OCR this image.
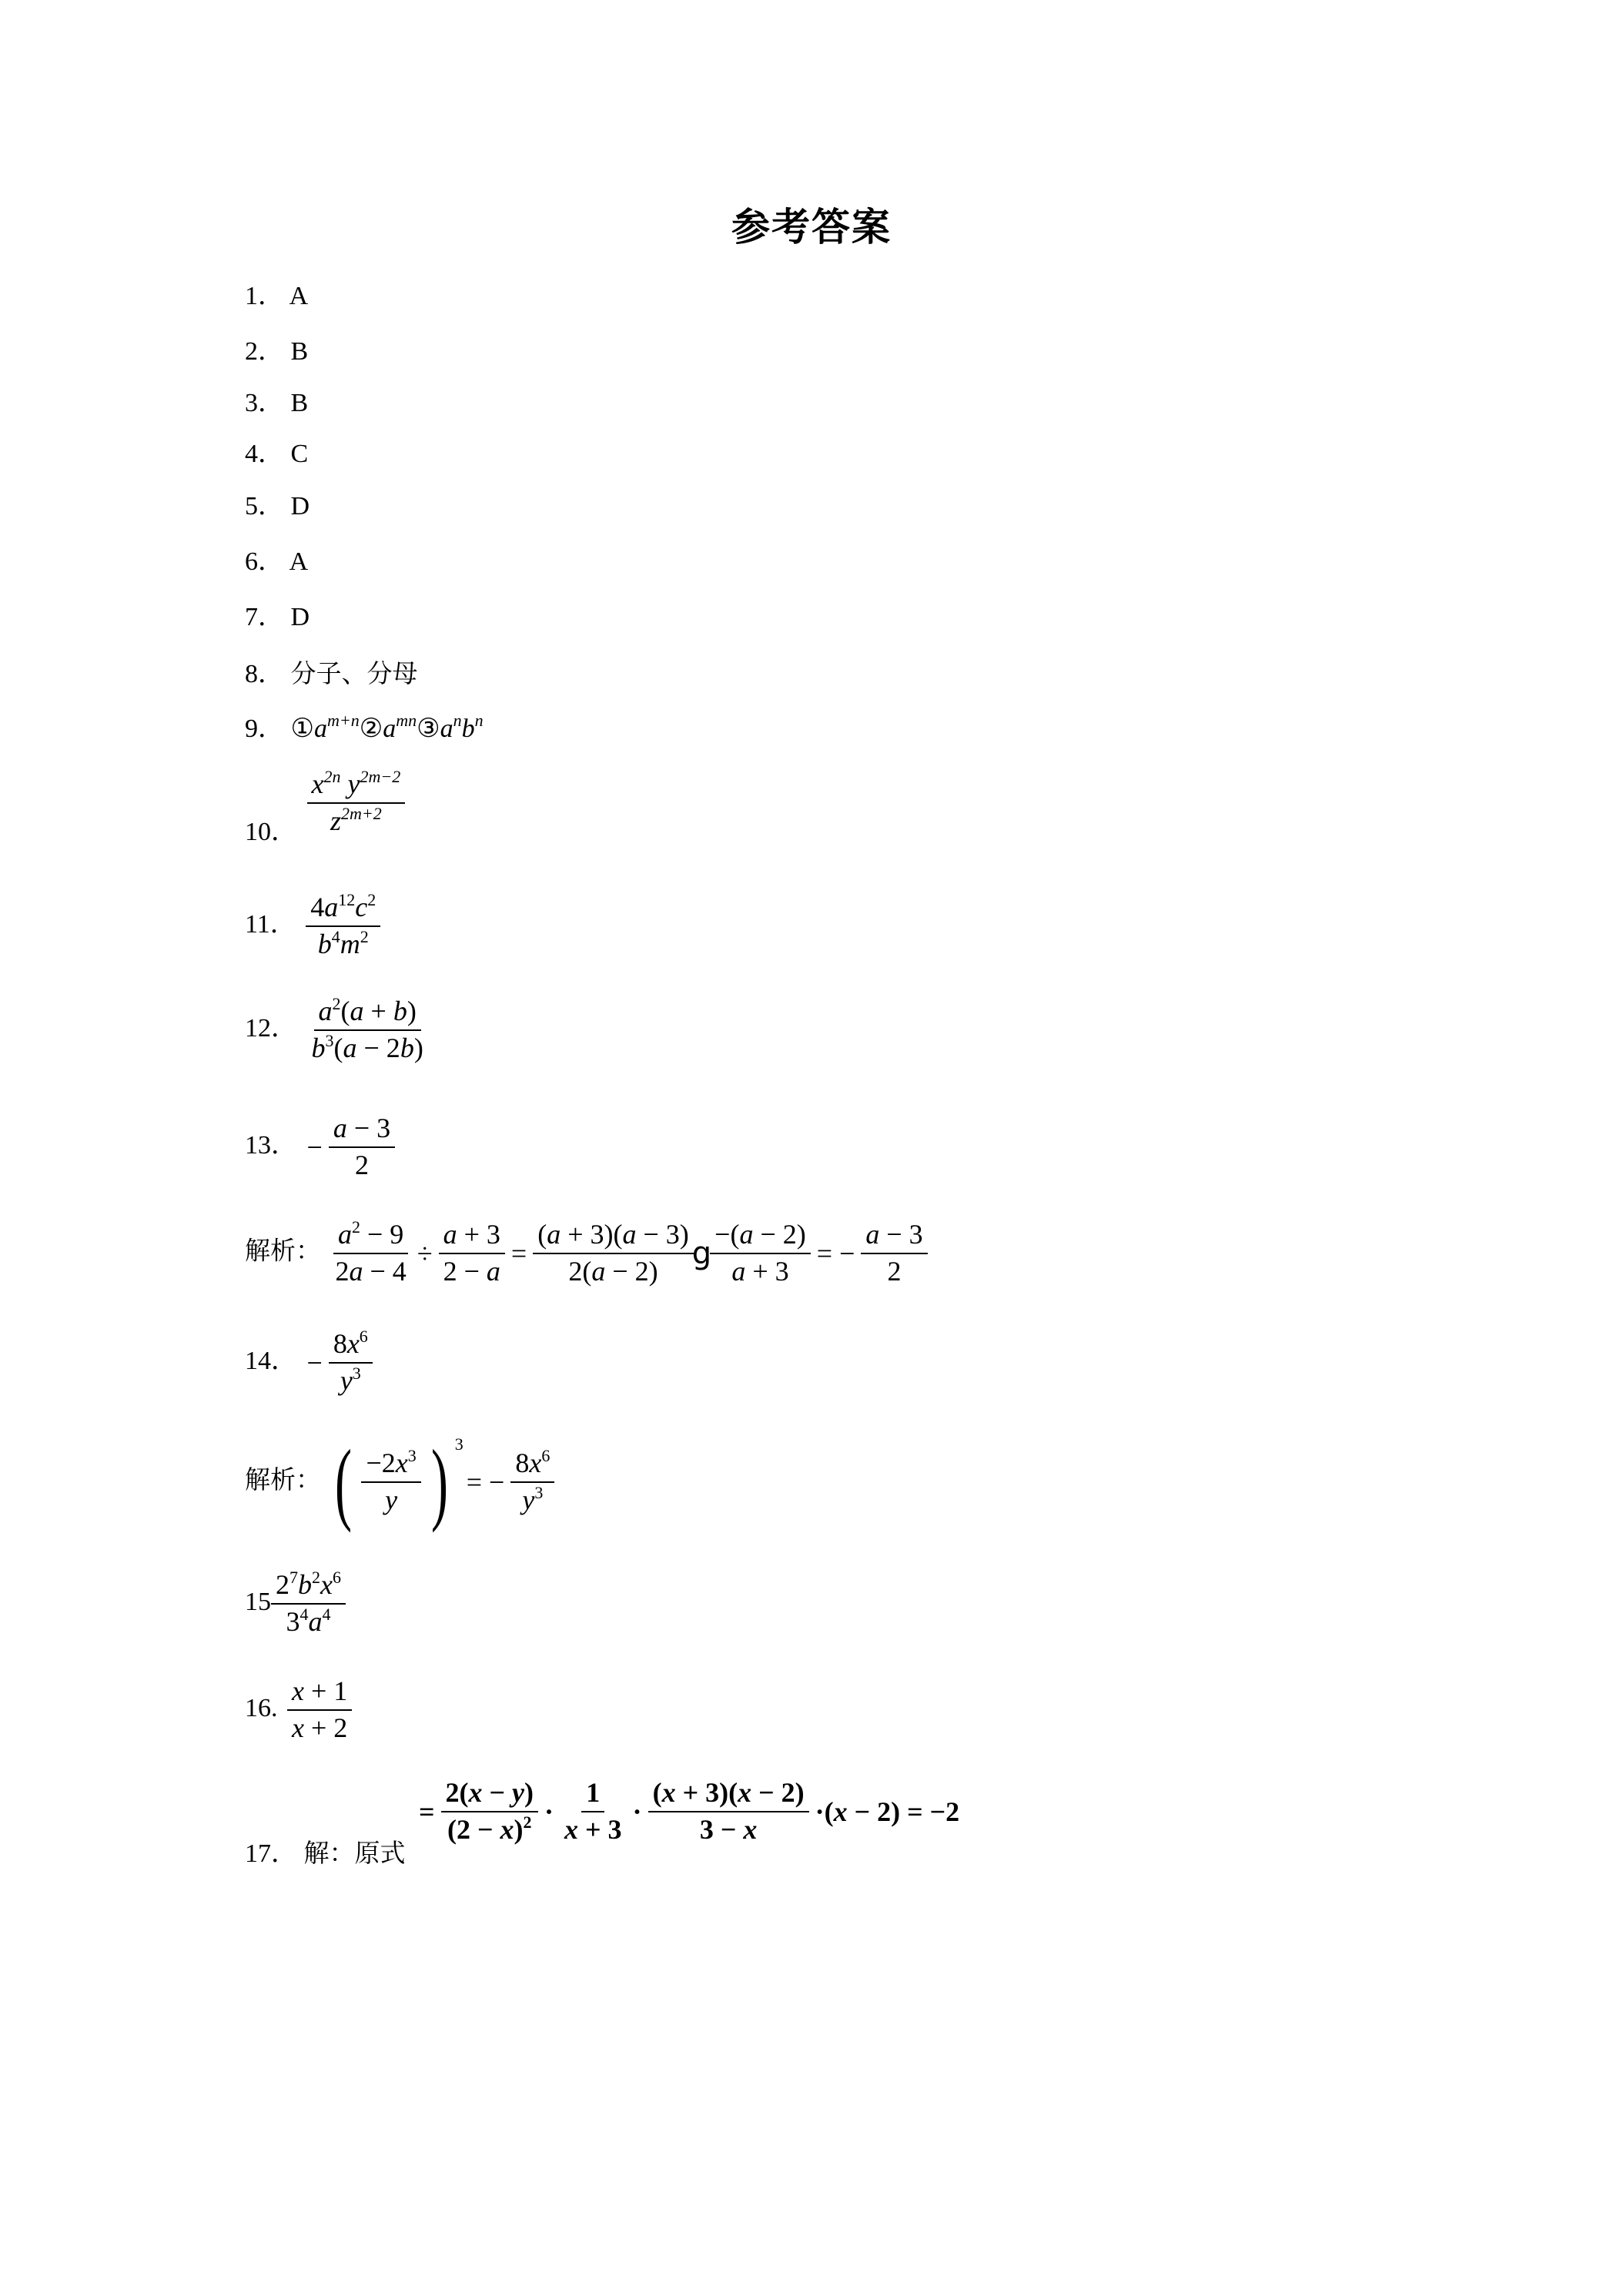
参考答案
1． A
2． B
3． B
4． C
5． D
6． A
7． D
8． 分子、分母
9． $①a^{m+n}②a^{mn}③a^nb^n$
10． $\frac{x^{2n} y^{2m-2}}{z^{2m+2}}$
11． $\frac{4a^{12}c^2}{b^4m^2}$
12． $\frac{a^2(a + b)}{b^3(a - 2b)}$
13． − $\frac{a - 3}{2}$
解析： $\frac{a^2 - 9}{2a - 4} \div \frac{a + 3}{2 - a} = \frac{(a + 3)(a - 3)}{2(a - 2)}$
g
$\frac{-(a - 2)}{a + 3}$ = − $\frac{a - 3}{2}$
14． − $\frac{8x^6}{y^3}$
解析： ( $\frac{-2x^3}{y}$ ) $^3= - \frac{8x^6}{y^3}$
$15 \frac{2^7b^2x^6}{3^4a^4}$
16. $\frac{x + 1}{x + 2}$
17． 解：原式
= $\frac{2(x - y)}{(2 - x)^2} \cdot \frac{1}{x + 3} \cdot \frac{(x + 3)(x - 2)}{3 - x} \cdot(x - 2) = -2$
